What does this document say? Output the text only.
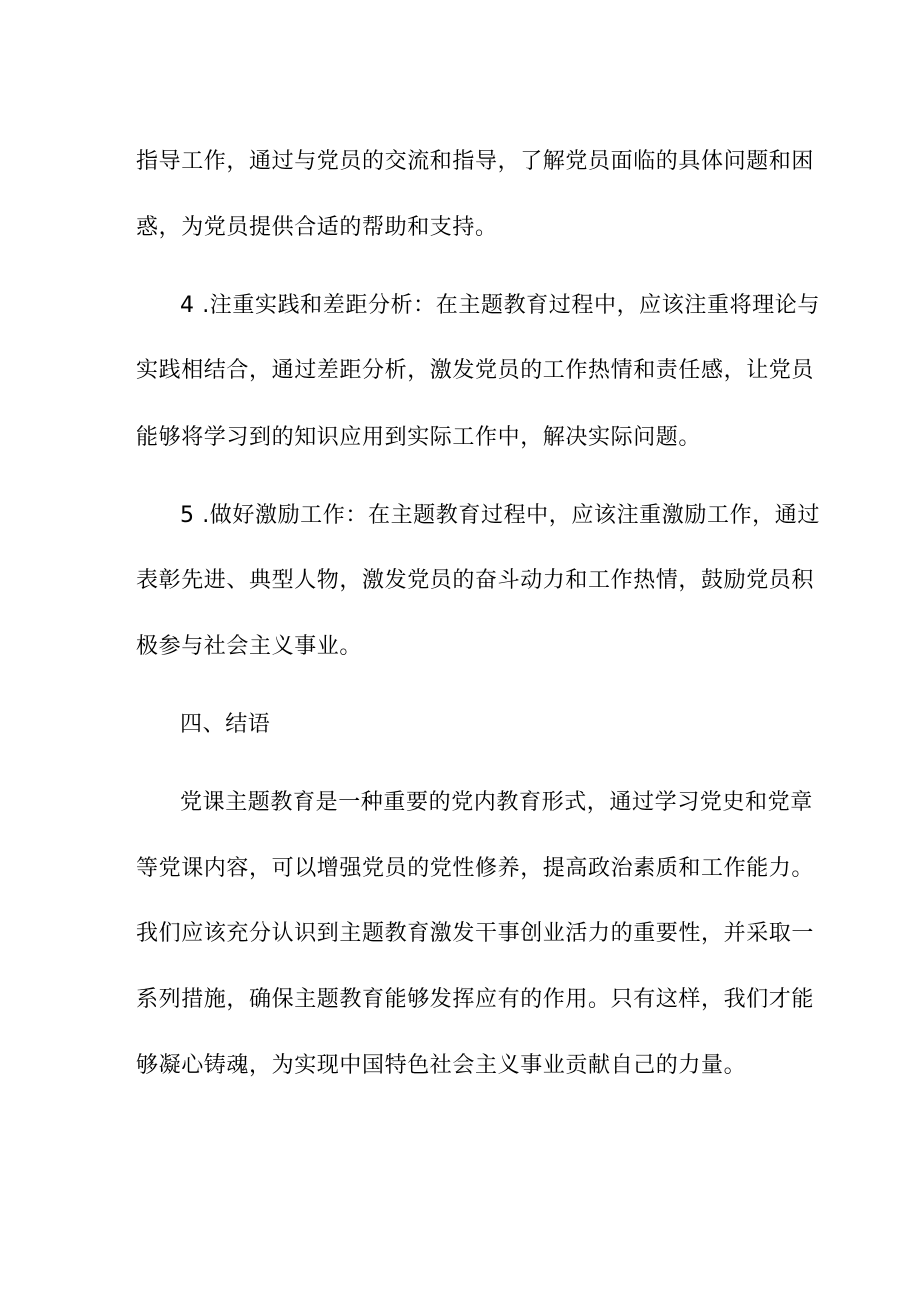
指导工作，通过与党员的交流和指导，了解党员面临的具体问题和困
惑，为党员提供合适的帮助和支持。
4 .注重实践和差距分析：在主题教育过程中，应该注重将理论与
实践相结合，通过差距分析，激发党员的工作热情和责任感，让党员
能够将学习到的知识应用到实际工作中，解决实际问题。
5 .做好激励工作：在主题教育过程中，应该注重激励工作，通过
表彰先进、典型人物，激发党员的奋斗动力和工作热情，鼓励党员积
极参与社会主义事业。
四、结语
党课主题教育是一种重要的党内教育形式，通过学习党史和党章
等党课内容，可以增强党员的党性修养，提高政治素质和工作能力。
我们应该充分认识到主题教育激发干事创业活力的重要性，并采取一
系列措施，确保主题教育能够发挥应有的作用。只有这样，我们才能
够凝心铸魂，为实现中国特色社会主义事业贡献自己的力量。
